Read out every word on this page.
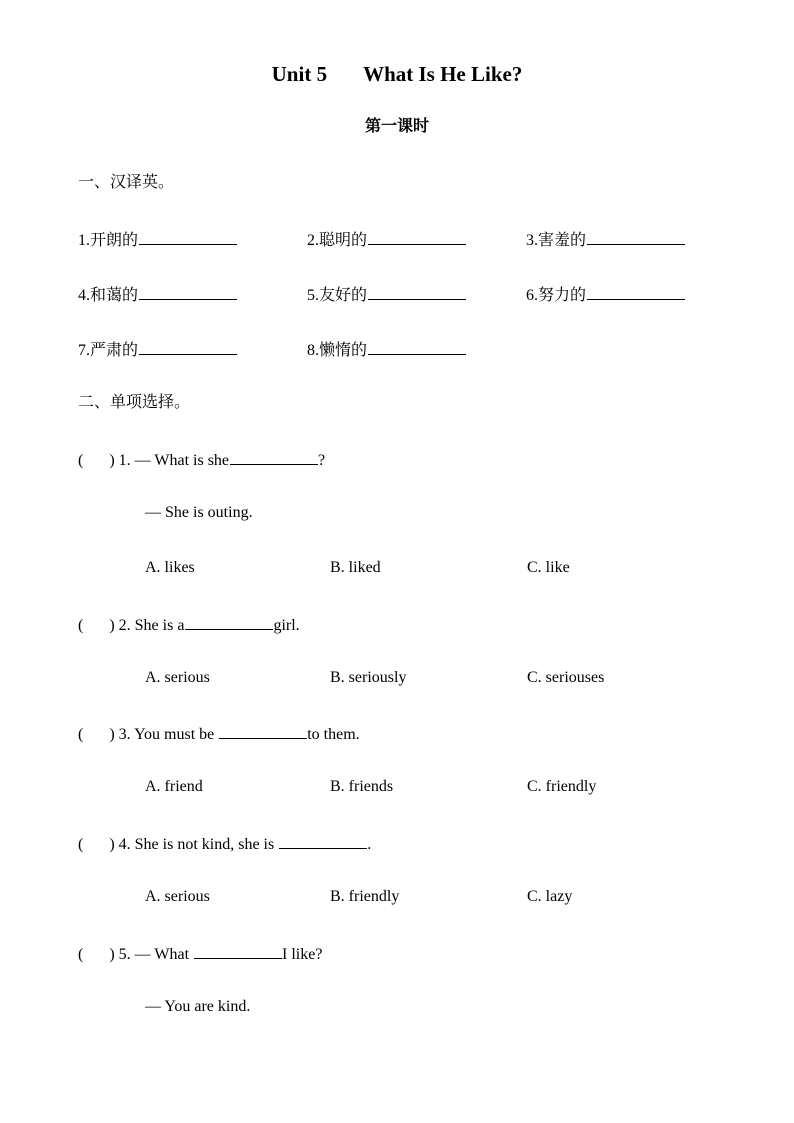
Unit 5 What Is He Like?
第一课时
一、汉译英。
1.开朗的	2.聪明的	3.害羞的
4.和蔼的	5.友好的	6.努力的
7.严肃的	8.懒惰的
二、单项选择。
( ) 1. — What is she	?
— She is outing.
A. likes	B. liked	C. like
( ) 2. She is a	girl.
A. serious	B. seriously	C. seriouses
( ) 3. You must be	to them.
A. friend	B. friends	C. friendly
( ) 4. She is not kind, she is	.
A. serious	B. friendly	C. lazy
( ) 5. — What	I like?
— You are kind.
